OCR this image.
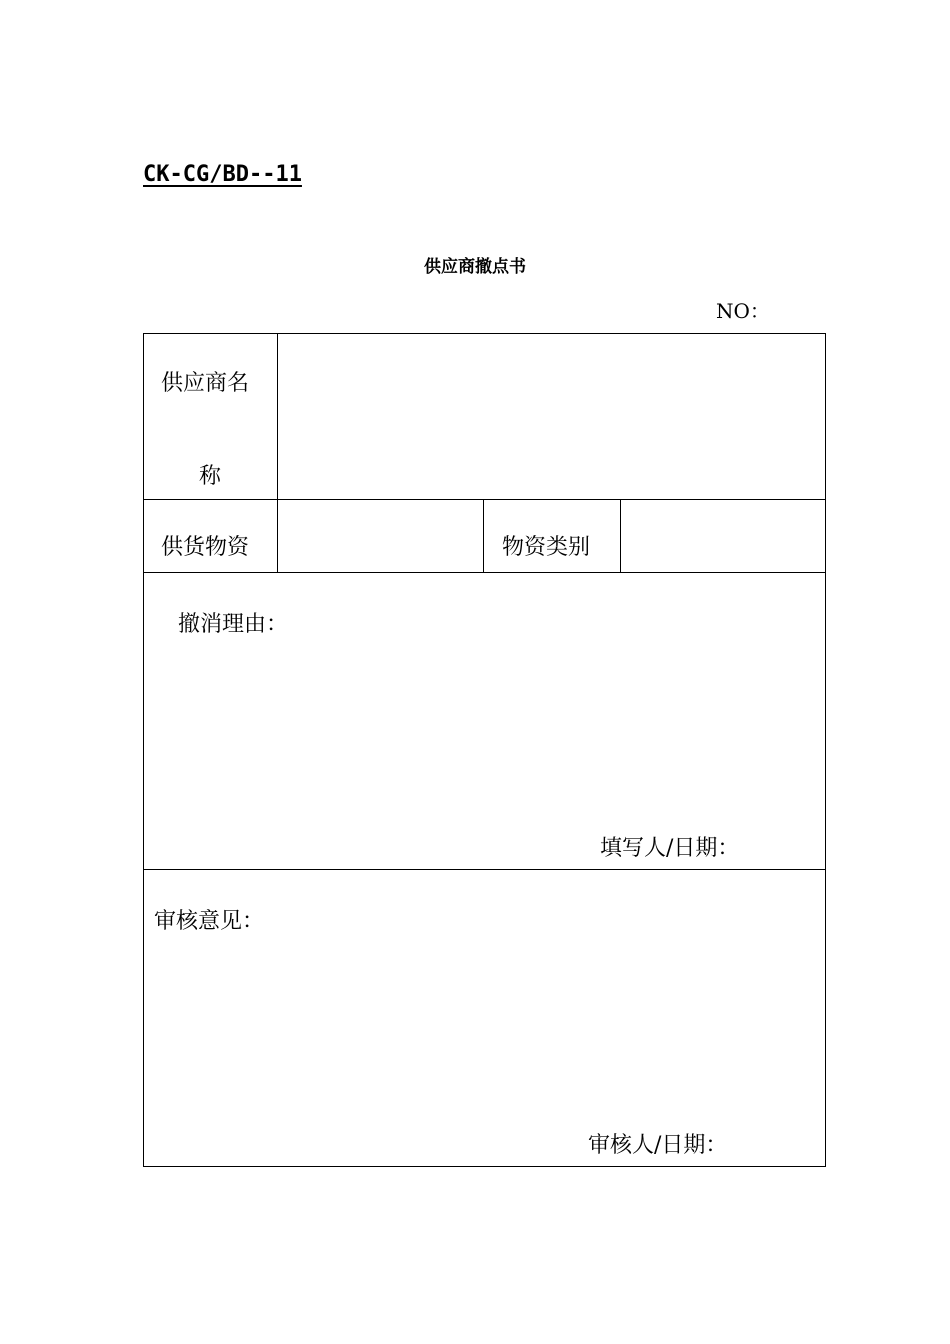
CK-CG/BD--11
供应商撤点书
NO：
供应商名
称			

供货物资		物资类别	

撤消理由：
填写人/日期：			

审核意见：
审核人/日期：			
